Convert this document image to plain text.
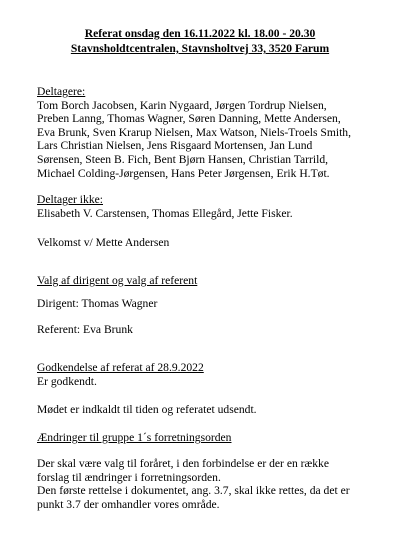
Referat onsdag den 16.11.2022 kl. 18.00 - 20.30
Stavnsholdtcentralen, Stavnsholtvej 33, 3520 Farum
Deltagere:
Tom Borch Jacobsen, Karin Nygaard, Jørgen Tordrup Nielsen,
Preben Lanng, Thomas Wagner, Søren Danning, Mette Andersen,
Eva Brunk, Sven Krarup Nielsen, Max Watson, Niels-Troels Smith,
Lars Christian Nielsen, Jens Risgaard Mortensen, Jan Lund
Sørensen, Steen B. Fich, Bent Bjørn Hansen, Christian Tarrild,
Michael Colding-Jørgensen, Hans Peter Jørgensen, Erik H.Tøt.
Deltager ikke:
Elisabeth V. Carstensen, Thomas Ellegård, Jette Fisker.
Velkomst v/ Mette Andersen
Valg af dirigent og valg af referent
Dirigent: Thomas Wagner
Referent: Eva Brunk
Godkendelse af referat af 28.9.2022
Er godkendt.
Mødet er indkaldt til tiden og referatet udsendt.
Ændringer til gruppe 1´s forretningsorden
Der skal være valg til foråret, i den forbindelse er der en række
forslag til ændringer i forretningsorden.
Den første rettelse i dokumentet, ang. 3.7, skal ikke rettes, da det er
punkt 3.7 der omhandler vores område.
